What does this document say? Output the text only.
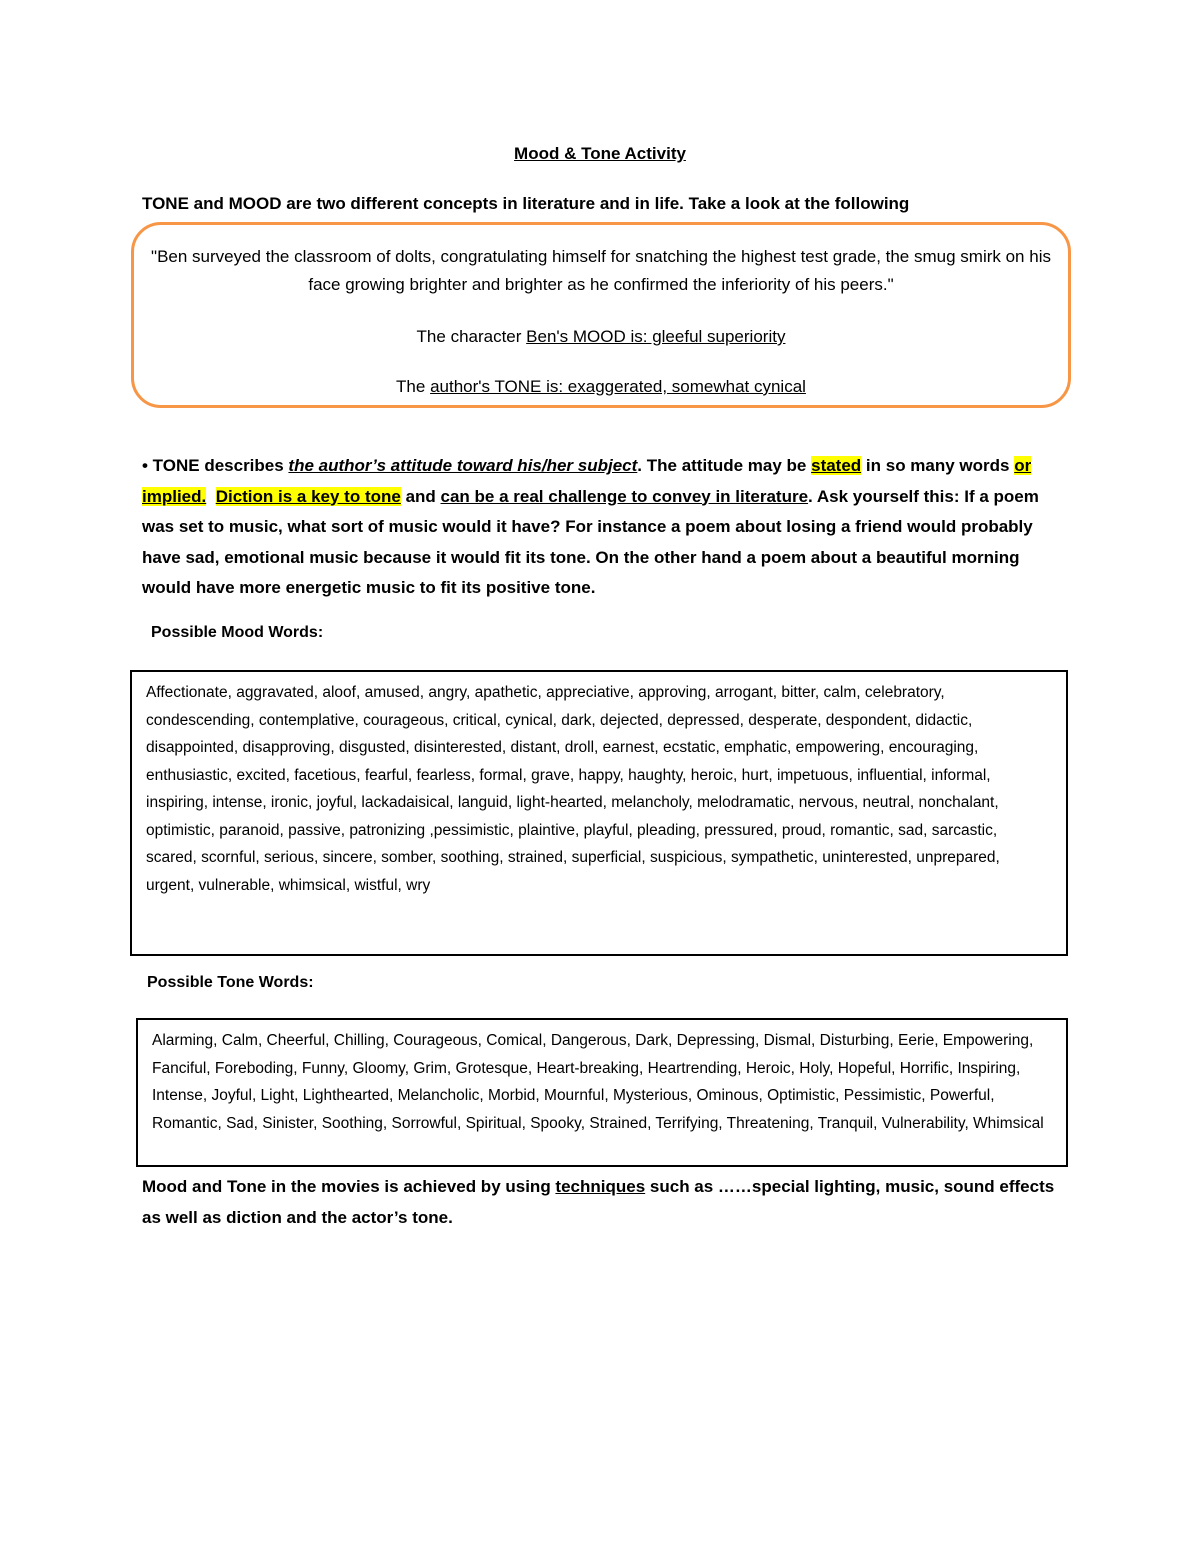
Mood & Tone Activity
TONE and MOOD are two different concepts in literature and in life. Take a look at the following

"Ben surveyed the classroom of dolts, congratulating himself for snatching the highest test grade, the smug smirk on his face growing brighter and brighter as he confirmed the inferiority of his peers."

The character Ben's MOOD is: gleeful superiority

The author's TONE is: exaggerated, somewhat cynical

• TONE describes the author’s attitude toward his/her subject. The attitude may be stated in so many words or implied. Diction is a key to tone and can be a real challenge to convey in literature. Ask yourself this: If a poem was set to music, what sort of music would it have? For instance a poem about losing a friend would probably have sad, emotional music because it would fit its tone. On the other hand a poem about a beautiful morning would have more energetic music to fit its positive tone.
Possible Mood Words:
Affectionate, aggravated, aloof, amused, angry, apathetic, appreciative, approving, arrogant, bitter, calm, celebratory, condescending, contemplative, courageous, critical, cynical, dark, dejected, depressed, desperate, despondent, didactic, disappointed, disapproving, disgusted, disinterested, distant, droll, earnest, ecstatic, emphatic, empowering, encouraging, enthusiastic, excited, facetious, fearful, fearless, formal, grave, happy, haughty, heroic, hurt, impetuous, influential, informal, inspiring, intense, ironic, joyful, lackadaisical, languid, light-hearted, melancholy, melodramatic, nervous, neutral, nonchalant, optimistic, paranoid, passive, patronizing ,pessimistic, plaintive, playful, pleading, pressured, proud, romantic, sad, sarcastic, scared, scornful, serious, sincere, somber, soothing, strained, superficial, suspicious, sympathetic, uninterested, unprepared, urgent, vulnerable, whimsical, wistful, wry
Possible Tone Words:
Alarming, Calm, Cheerful, Chilling, Courageous, Comical, Dangerous, Dark, Depressing, Dismal, Disturbing, Eerie, Empowering, Fanciful, Foreboding, Funny, Gloomy, Grim, Grotesque, Heart-breaking, Heartrending, Heroic, Holy, Hopeful, Horrific, Inspiring, Intense, Joyful, Light, Lighthearted, Melancholic, Morbid, Mournful, Mysterious, Ominous, Optimistic, Pessimistic, Powerful, Romantic, Sad, Sinister, Soothing, Sorrowful, Spiritual, Spooky, Strained, Terrifying, Threatening, Tranquil, Vulnerability, Whimsical
Mood and Tone in the movies is achieved by using techniques such as ……special lighting, music, sound effects as well as diction and the actor’s tone.
